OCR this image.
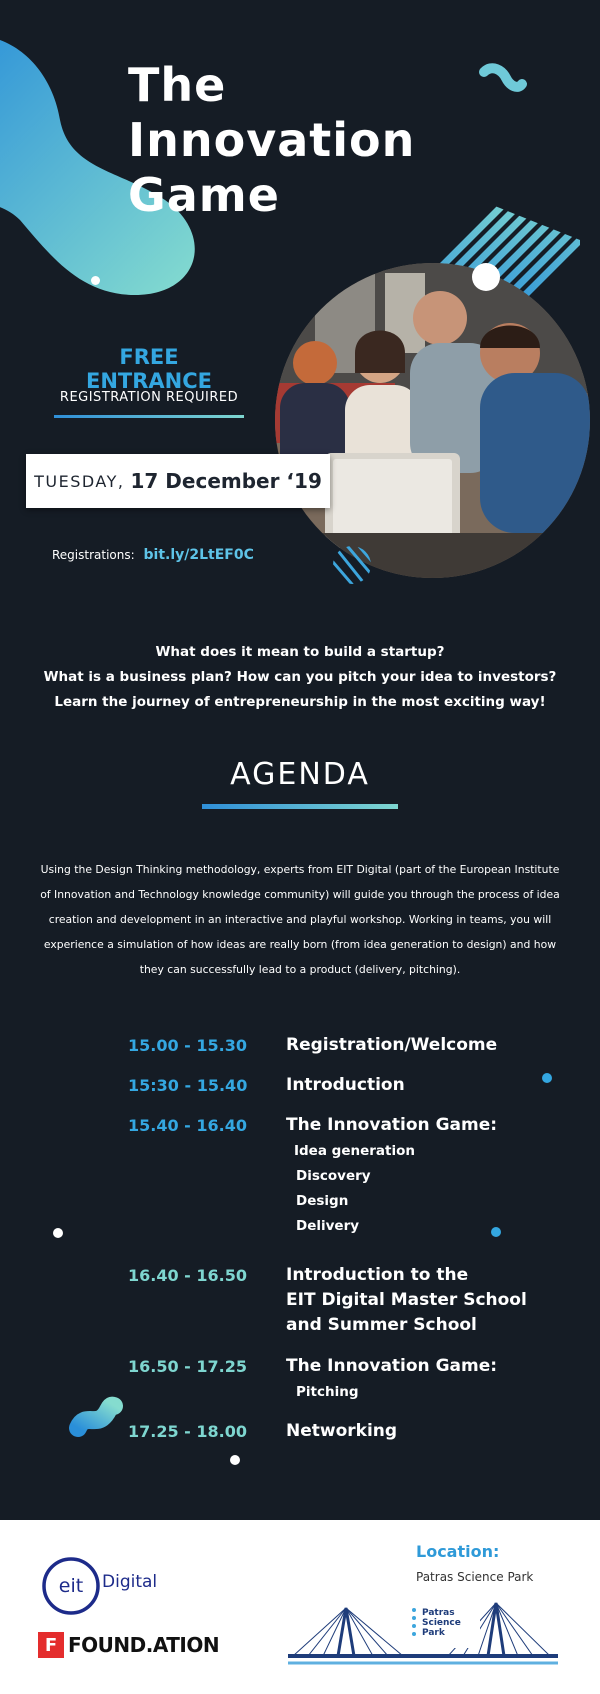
The
Innovation
Game
FREE ENTRANCE
REGISTRATION REQUIRED
TUESDAY, 17 December ‘19
Registrations: bit.ly/2LtEF0C
What does it mean to build a startup?
What is a business plan? How can you pitch your idea to investors?
Learn the journey of entrepreneurship in the most exciting way!
AGENDA
Using the Design Thinking methodology, experts from EIT Digital (part of the European Institute of Innovation and Technology knowledge community) will guide you through the process of idea creation and development in an interactive and playful workshop. Working in teams, you will experience a simulation of how ideas are really born (from idea generation to design) and how they can successfully lead to a product (delivery, pitching).
15.00 - 15.30 Registration/Welcome
15:30 - 15.40 Introduction
15.40 - 16.40 The Innovation Game:
Idea generation
Discovery
Design
Delivery
16.40 - 16.50 Introduction to the
EIT Digital Master School
and Summer School
16.50 - 17.25 The Innovation Game:
Pitching
17.25 - 18.00 Networking
eit Digital
F FOUND.ATION
Location:
Patras Science Park
Patras
Science
Park
